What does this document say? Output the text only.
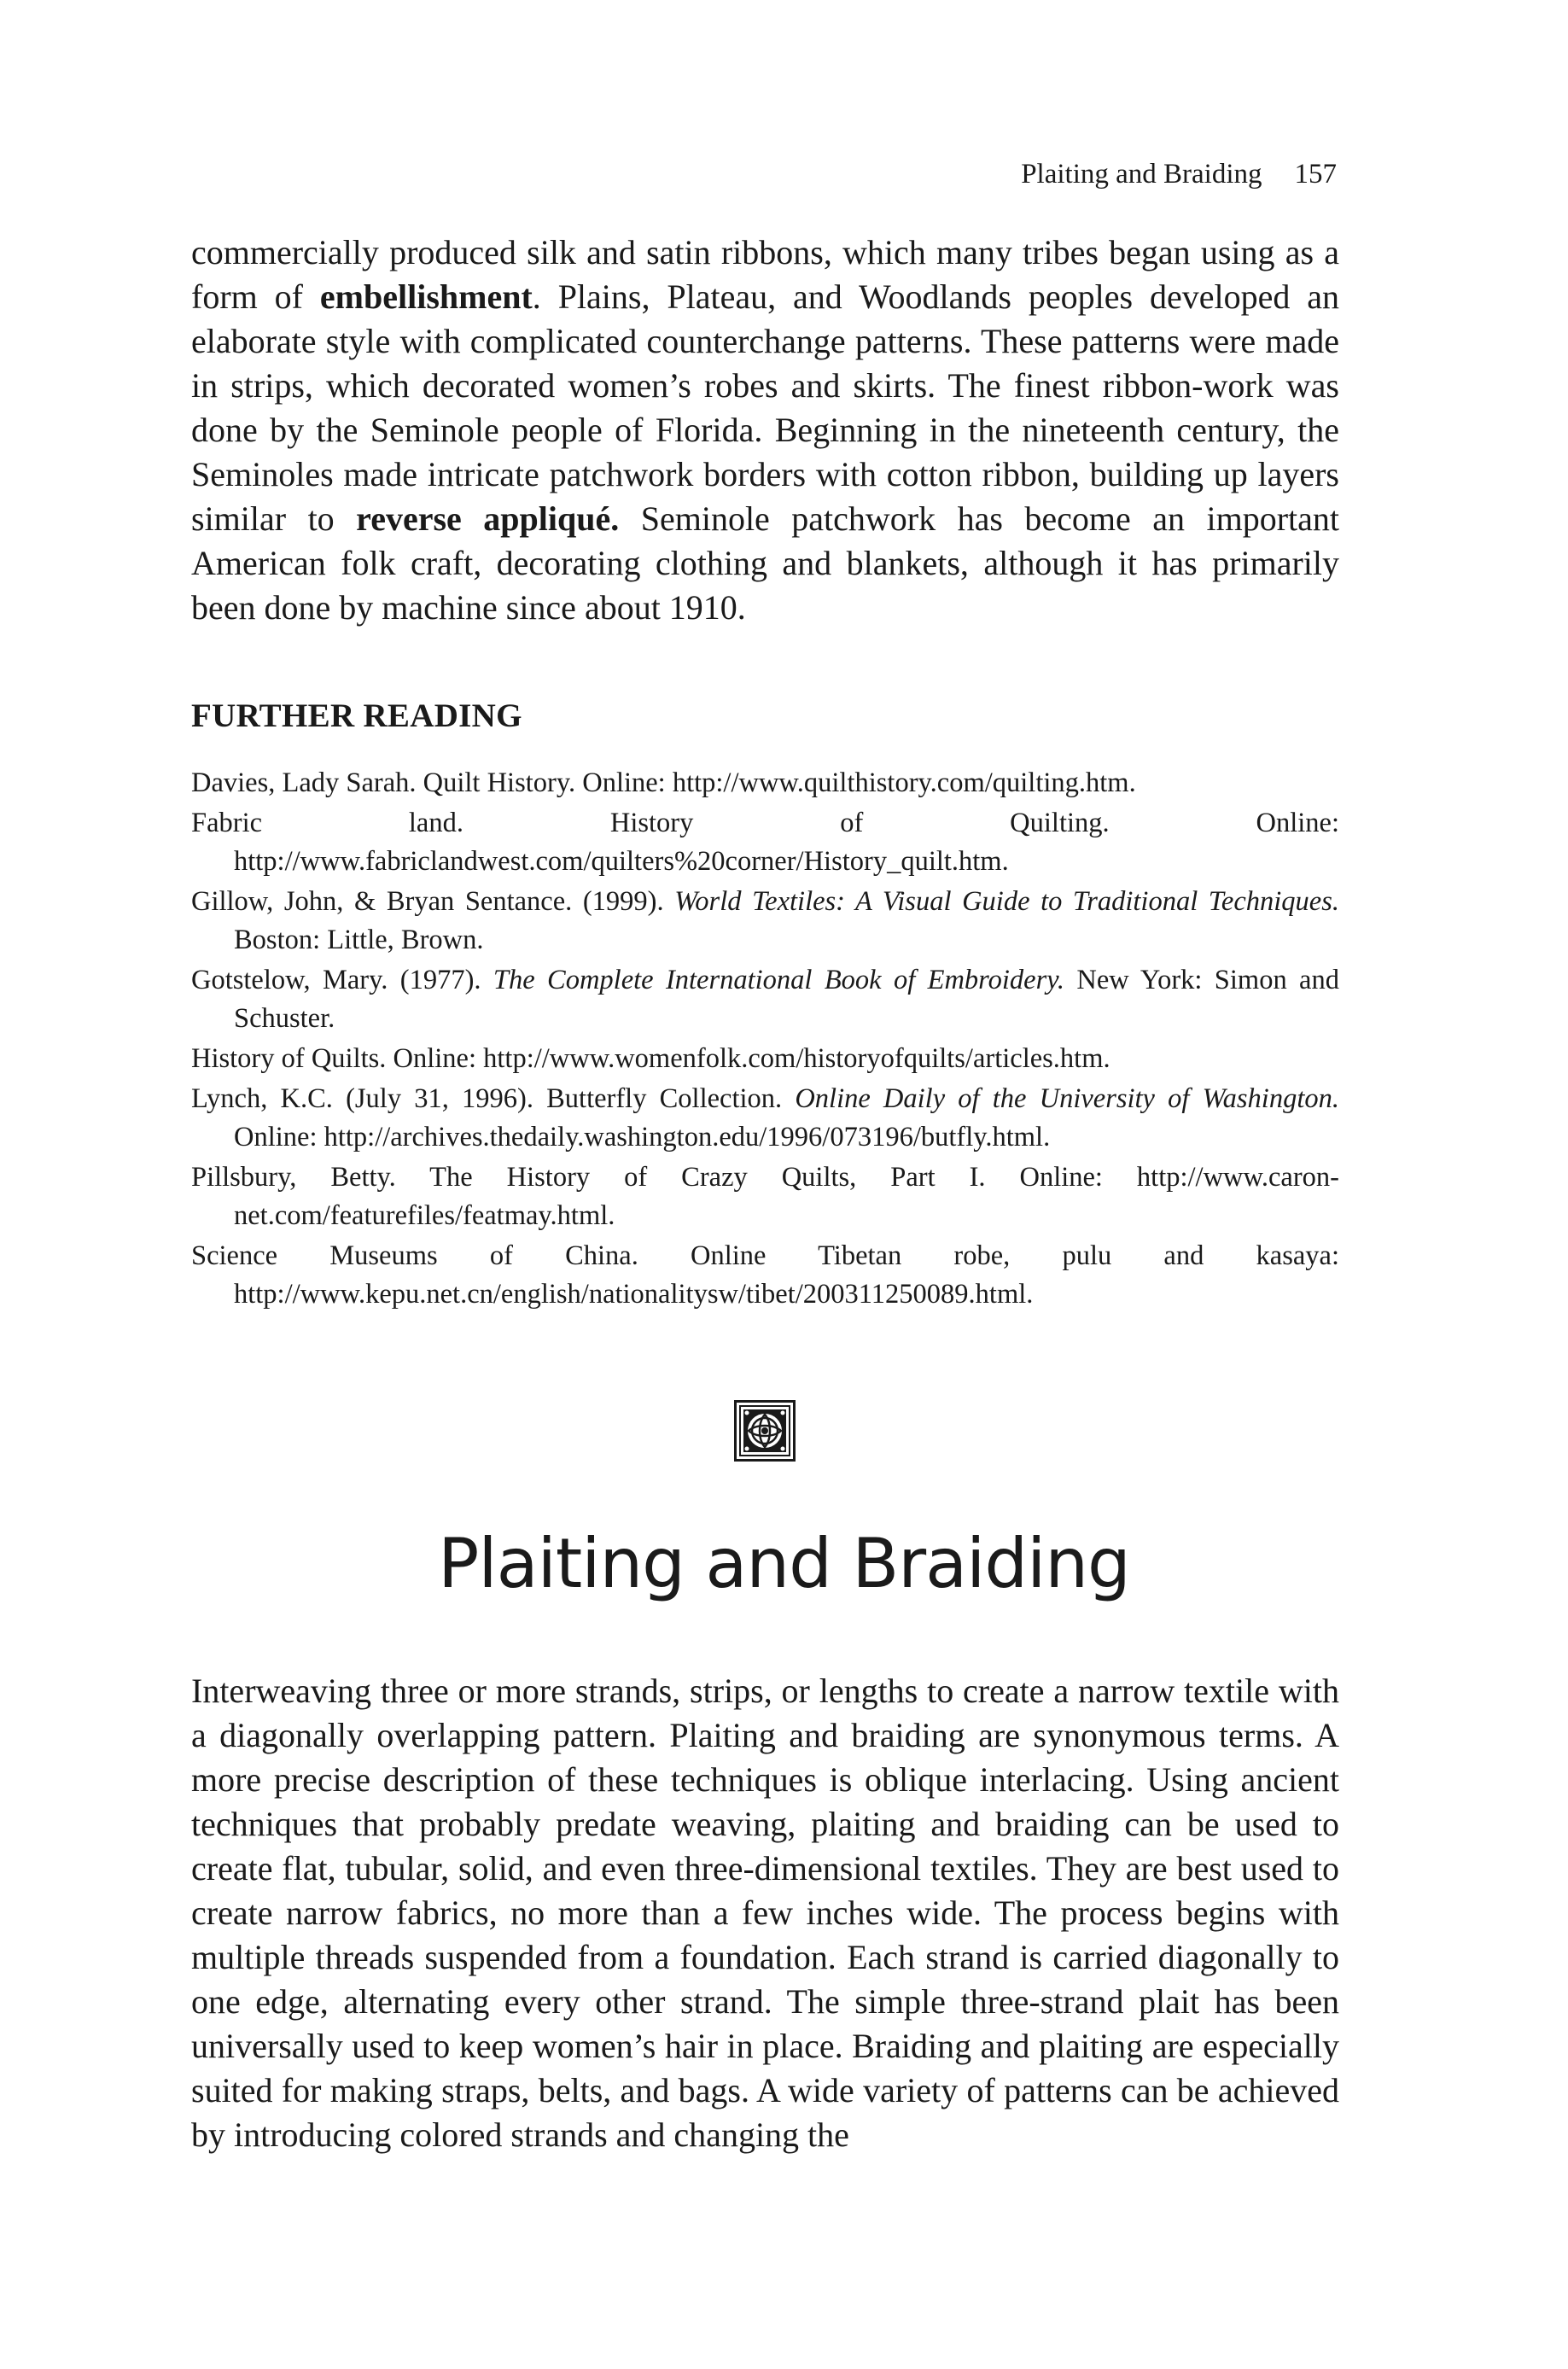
Plaiting and Braiding 157

commercially produced silk and satin ribbons, which many tribes began using as a form of embellishment. Plains, Plateau, and Woodlands peoples developed an elaborate style with complicated counterchange patterns. These patterns were made in strips, which decorated women’s robes and skirts. The finest ribbon-work was done by the Seminole people of Florida. Beginning in the nineteenth century, the Seminoles made intricate patchwork borders with cotton ribbon, building up layers similar to reverse appliqué. Seminole patchwork has become an important American folk craft, decorating clothing and blankets, although it has primarily been done by machine since about 1910.

FURTHER READING
Davies, Lady Sarah. Quilt History. Online: http://www.quilthistory.com/quilting.htm.
Fabric land. History of Quilting. Online: http://www.fabriclandwest.com/quilters%20corner/History_quilt.htm.
Gillow, John, & Bryan Sentance. (1999). World Textiles: A Visual Guide to Traditional Techniques. Boston: Little, Brown.
Gotstelow, Mary. (1977). The Complete International Book of Embroidery. New York: Simon and Schuster.
History of Quilts. Online: http://www.womenfolk.com/historyofquilts/articles.htm.
Lynch, K.C. (July 31, 1996). Butterfly Collection. Online Daily of the University of Washington. Online: http://archives.thedaily.washington.edu/1996/073196/butfly.html.
Pillsbury, Betty. The History of Crazy Quilts, Part I. Online: http://www.caron-net.com/featurefiles/featmay.html.
Science Museums of China. Online Tibetan robe, pulu and kasaya: http://www.kepu.net.cn/english/nationalitysw/tibet/200311250089.html.
Plaiting and Braiding

Interweaving three or more strands, strips, or lengths to create a narrow textile with a diagonally overlapping pattern. Plaiting and braiding are synonymous terms. A more precise description of these techniques is oblique interlacing. Using ancient techniques that probably predate weaving, plaiting and braiding can be used to create flat, tubular, solid, and even three-dimensional textiles. They are best used to create narrow fabrics, no more than a few inches wide. The process begins with multiple threads suspended from a foundation. Each strand is carried diagonally to one edge, alternating every other strand. The simple three-strand plait has been universally used to keep women’s hair in place. Braiding and plaiting are especially suited for making straps, belts, and bags. A wide variety of patterns can be achieved by introducing colored strands and changing the
